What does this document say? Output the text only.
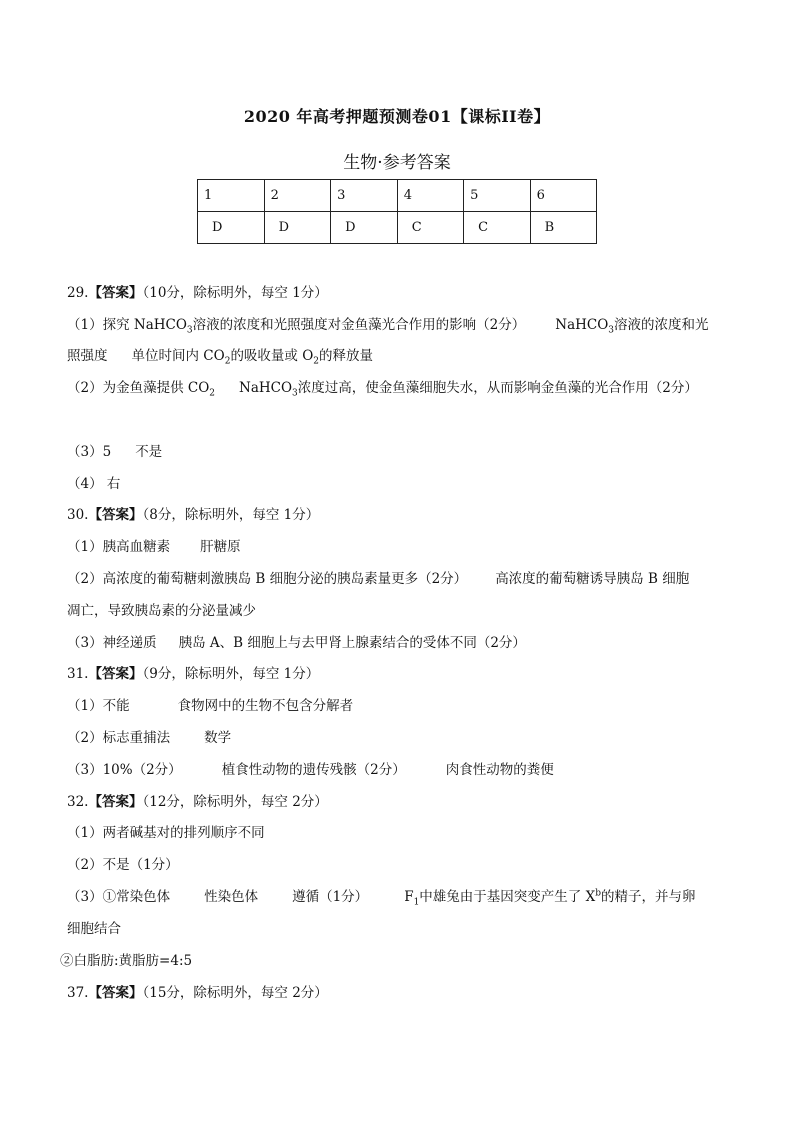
2020 年高考押题预测卷01【课标II卷】
生物·参考答案
1	2	3	4	5	6
D	D	D	C	C	B
29.【答案】（10分，除标明外，每空 1分）
（1）探究 NaHCO$_3$溶液的浓度和光照强度对金鱼藻光合作用的影响（2分） NaHCO$_3$溶液的浓度和光
照强度 单位时间内 $CO_2$的吸收量或 $O_2$的释放量
（2）为金鱼藻提供 $CO_2$ NaHCO$_3$浓度过高，使金鱼藻细胞失水，从而影响金鱼藻的光合作用（2分）
（3）5 不是
（4） 右
30.【答案】（8分，除标明外，每空 1分）
（1）胰高血糖素 肝糖原
（2）高浓度的葡萄糖刺激胰岛 B 细胞分泌的胰岛素量更多（2分） 高浓度的葡萄糖诱导胰岛 B 细胞
凋亡，导致胰岛素的分泌量减少
（3）神经递质 胰岛 A、B 细胞上与去甲肾上腺素结合的受体不同（2分）
31.【答案】（9分，除标明外，每空 1分）
（1）不能	食物网中的生物不包含分解者
（2）标志重捕法	数学
（3）10%（2分）	植食性动物的遗传残骸（2分）	肉食性动物的粪便
32.【答案】（12分，除标明外，每空 2分）
（1）两者碱基对的排列顺序不同
（2）不是（1分）
（3）①常染色体	性染色体	遵循（1分）	$F_1$中雄兔由于基因突变产生了 $X^b$的精子，并与卵
细胞结合
②白脂肪:黄脂肪=4:5
37.【答案】（15分，除标明外，每空 2分）
